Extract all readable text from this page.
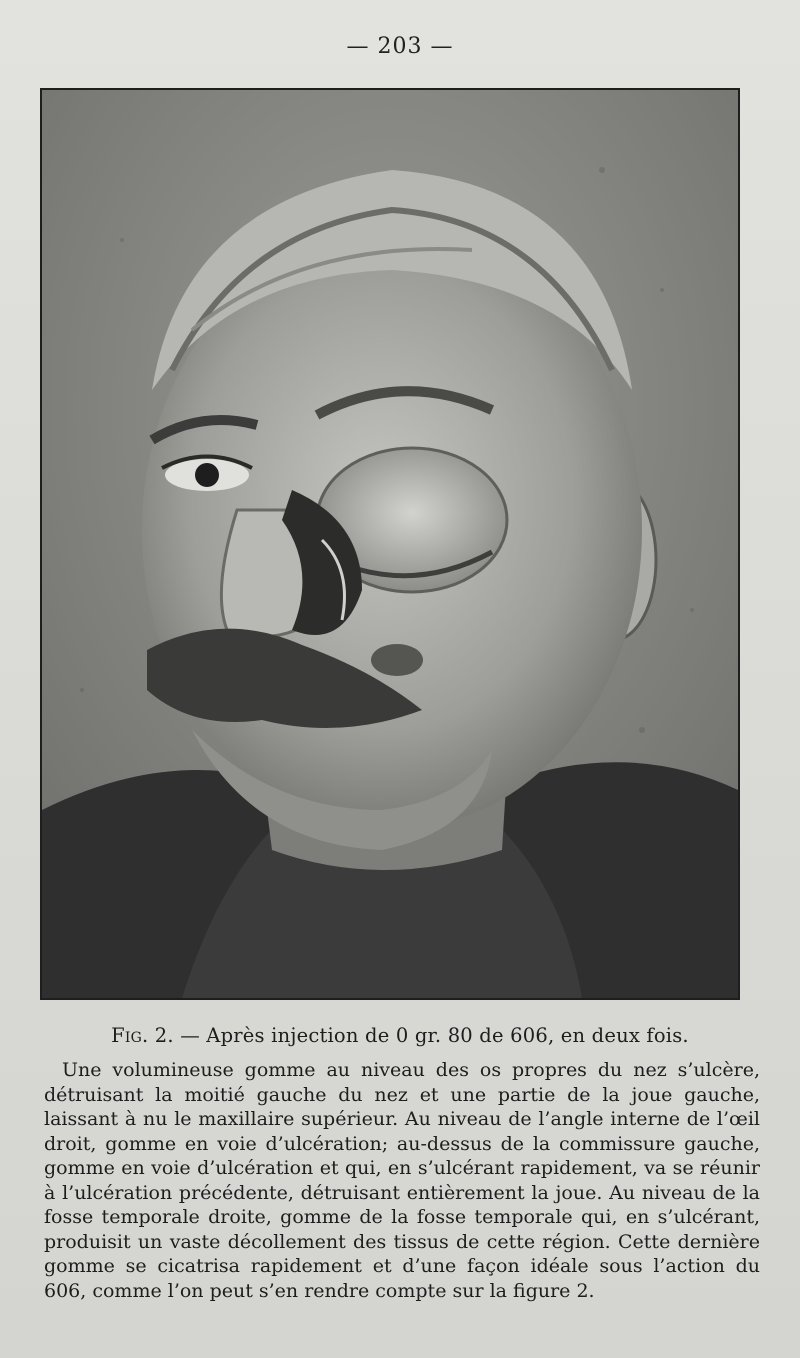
— 203 —
Fig. 2. — Après injection de 0 gr. 80 de 606, en deux fois.

Une volumineuse gomme au niveau des os propres du nez s’ulcère, détruisant la moitié gauche du nez et une partie de la joue gauche, laissant à nu le maxillaire supérieur. Au niveau de l’angle interne de l’œil droit, gomme en voie d’ulcération; au-dessus de la commissure gauche, gomme en voie d’ulcération et qui, en s’ulcérant rapidement, va se réunir à l’ulcération précédente, détruisant entièrement la joue. Au niveau de la fosse temporale droite, gomme de la fosse temporale qui, en s’ulcérant, produisit un vaste décollement des tissus de cette région. Cette dernière gomme se cicatrisa rapidement et d’une façon idéale sous l’action du 606, comme l’on peut s’en rendre compte sur la figure 2.
